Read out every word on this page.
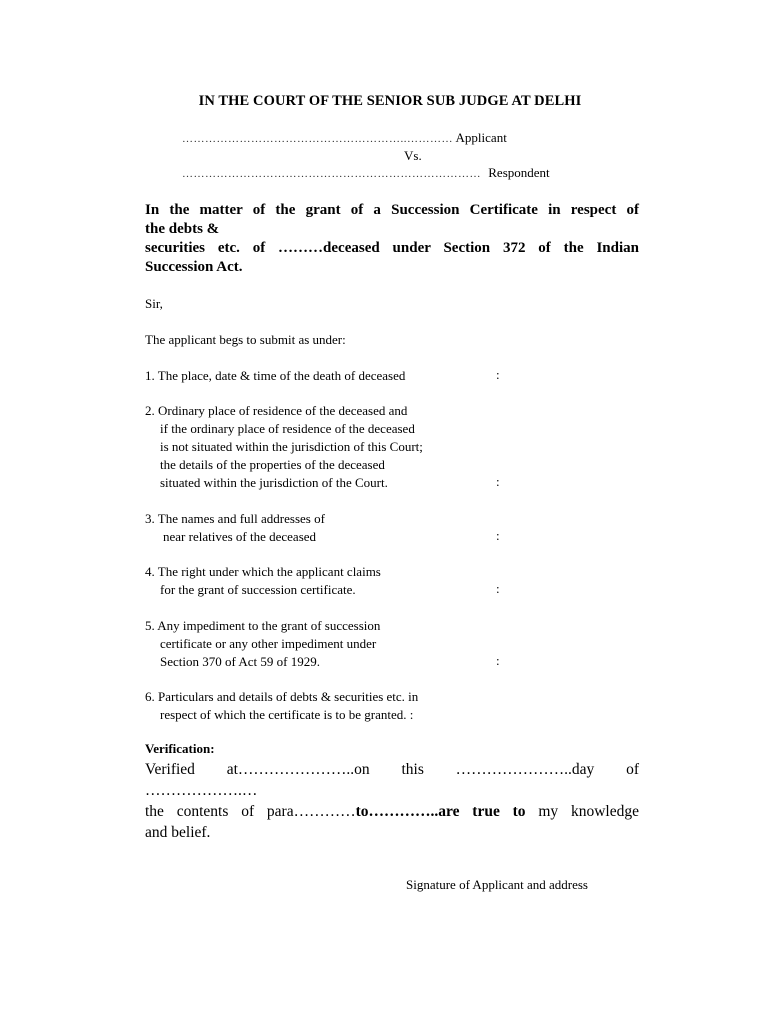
IN THE COURT OF THE SENIOR SUB JUDGE AT DELHI
…………………………………………………..………… Applicant
Vs.
…………………………………………………………………… Respondent
In the matter of the grant of a Succession Certificate in respect of
the debts &
securities etc. of ………deceased under Section 372 of the Indian
Succession Act.
Sir,
The applicant begs to submit as under:
1. The place, date & time of the death of deceased	:
2. Ordinary place of residence of the deceased and
if the ordinary place of residence of the deceased
is not situated within the jurisdiction of this Court;
the details of the properties of the deceased
situated within the jurisdiction of the Court.	:
3. The names and full addresses of
near relatives of the deceased	:
4. The right under which the applicant claims
for the grant of succession certificate.	:
5. Any impediment to the grant of succession
certificate or any other impediment under
Section 370 of Act 59 of 1929.	:
6. Particulars and details of debts & securities etc. in
respect of which the certificate is to be granted. :
Verification:
Verified at…………………..on this …………………..day of
……………….…
the contents of para…………to…………..are true to my knowledge
and belief.
Signature of Applicant and address
